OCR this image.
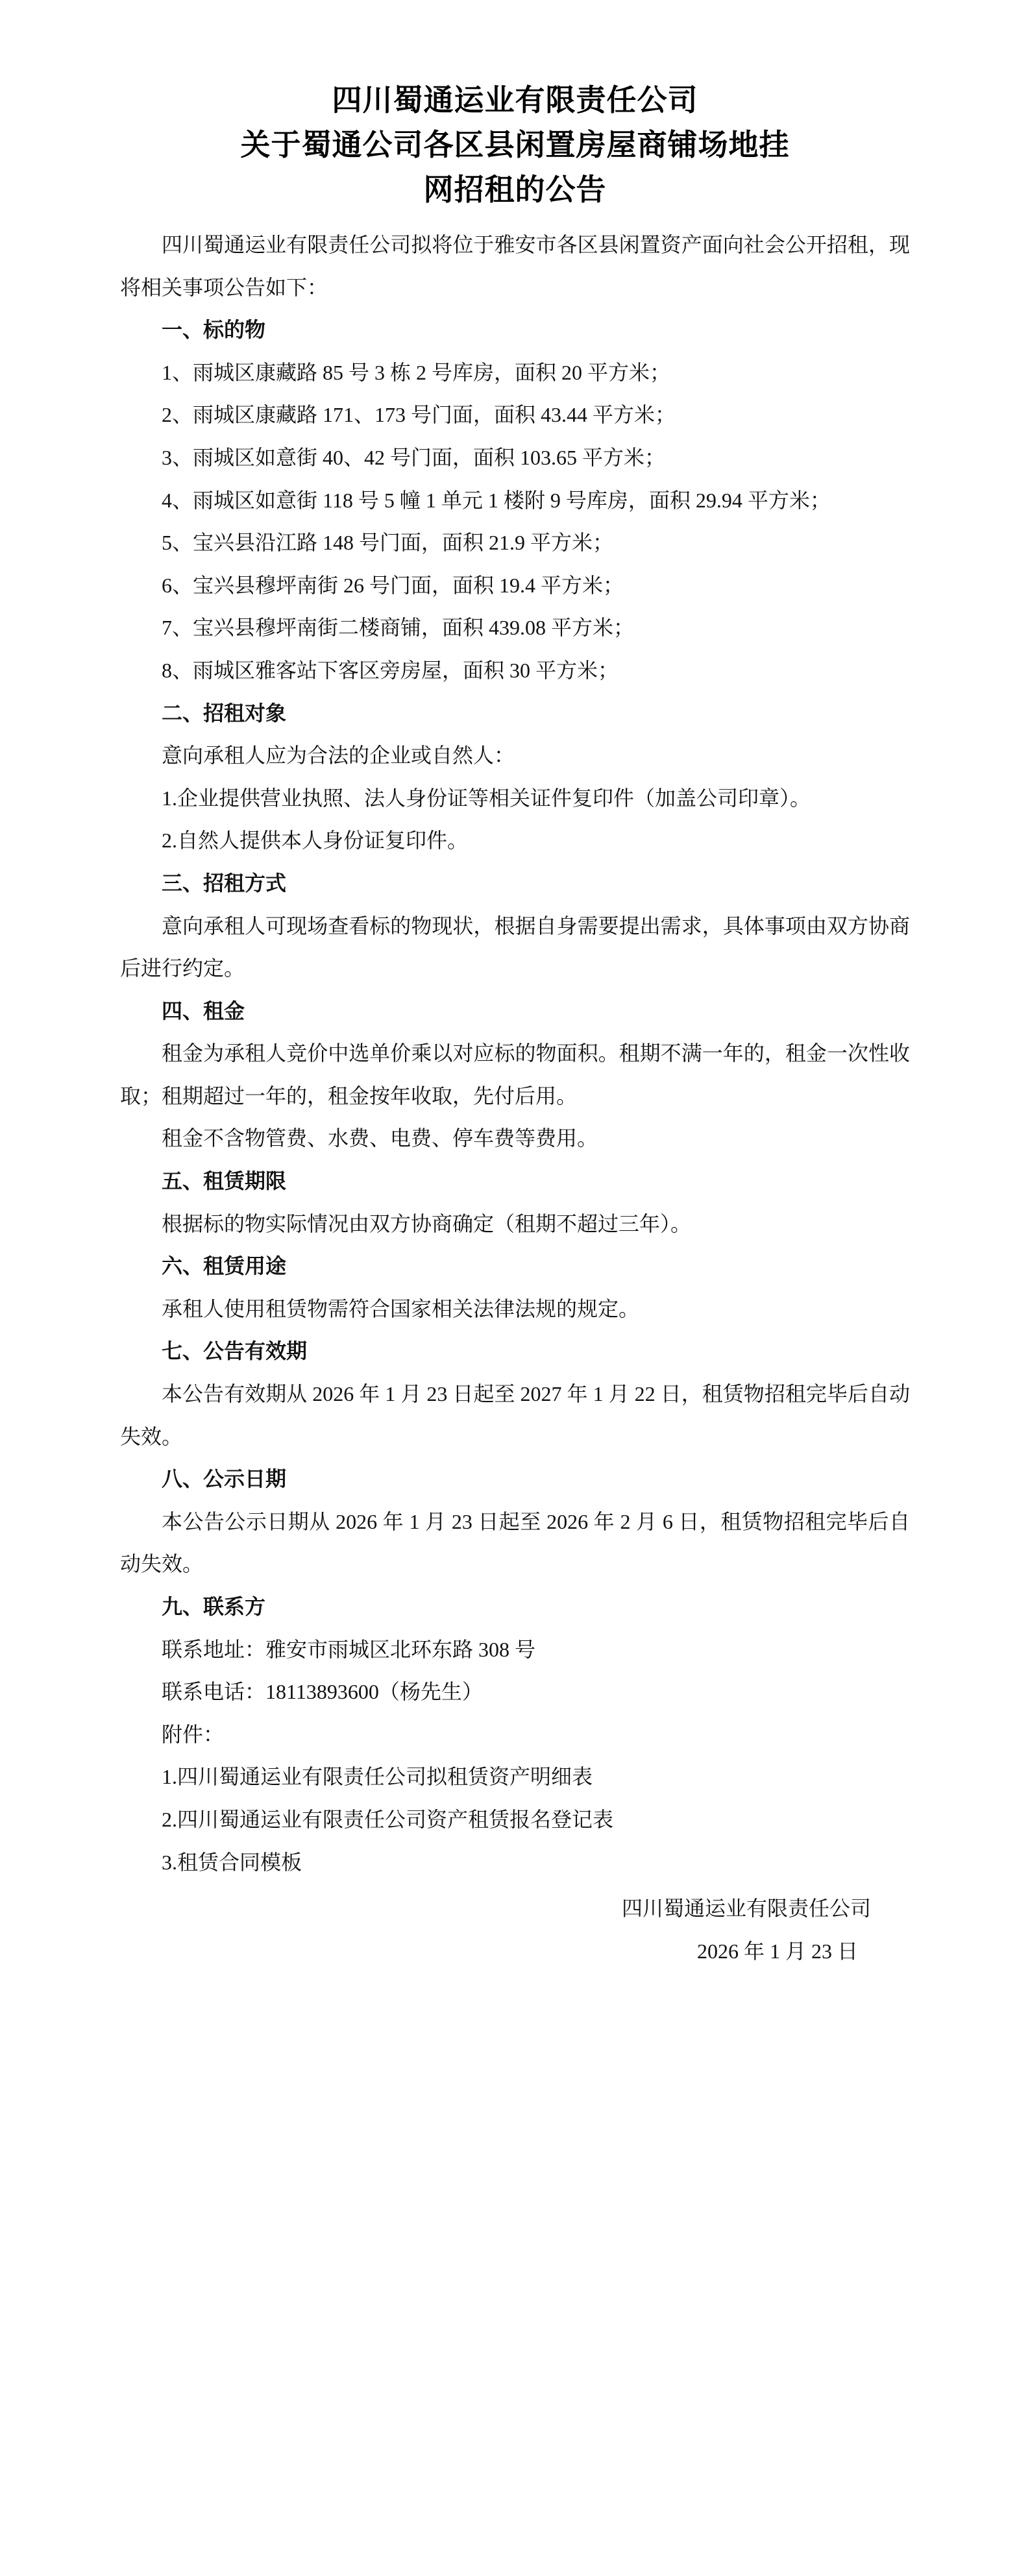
四川蜀通运业有限责任公司
关于蜀通公司各区县闲置房屋商铺场地挂
网招租的公告

四川蜀通运业有限责任公司拟将位于雅安市各区县闲置资产面向社会公开招租，现将相关事项公告如下：

一、标的物

1、雨城区康藏路 85 号 3 栋 2 号库房，面积 20 平方米；

2、雨城区康藏路 171、173 号门面，面积 43.44 平方米；

3、雨城区如意街 40、42 号门面，面积 103.65 平方米；

4、雨城区如意街 118 号 5 幢 1 单元 1 楼附 9 号库房，面积 29.94 平方米；

5、宝兴县沿江路 148 号门面，面积 21.9 平方米；

6、宝兴县穆坪南街 26 号门面，面积 19.4 平方米；

7、宝兴县穆坪南街二楼商铺，面积 439.08 平方米；

8、雨城区雅客站下客区旁房屋，面积 30 平方米；

二、招租对象

意向承租人应为合法的企业或自然人：

1.企业提供营业执照、法人身份证等相关证件复印件（加盖公司印章）。

2.自然人提供本人身份证复印件。

三、招租方式

意向承租人可现场查看标的物现状，根据自身需要提出需求，具体事项由双方协商后进行约定。

四、租金

租金为承租人竞价中选单价乘以对应标的物面积。租期不满一年的，租金一次性收取；租期超过一年的，租金按年收取，先付后用。

租金不含物管费、水费、电费、停车费等费用。

五、租赁期限

根据标的物实际情况由双方协商确定（租期不超过三年）。

六、租赁用途

承租人使用租赁物需符合国家相关法律法规的规定。

七、公告有效期

本公告有效期从 2026 年 1 月 23 日起至 2027 年 1 月 22 日，租赁物招租完毕后自动失效。

八、公示日期

本公告公示日期从 2026 年 1 月 23 日起至 2026 年 2 月 6 日，租赁物招租完毕后自动失效。

九、联系方

联系地址：雅安市雨城区北环东路 308 号

联系电话：18113893600（杨先生）

附件：

1.四川蜀通运业有限责任公司拟租赁资产明细表

2.四川蜀通运业有限责任公司资产租赁报名登记表

3.租赁合同模板

四川蜀通运业有限责任公司

2026 年 1 月 23 日
